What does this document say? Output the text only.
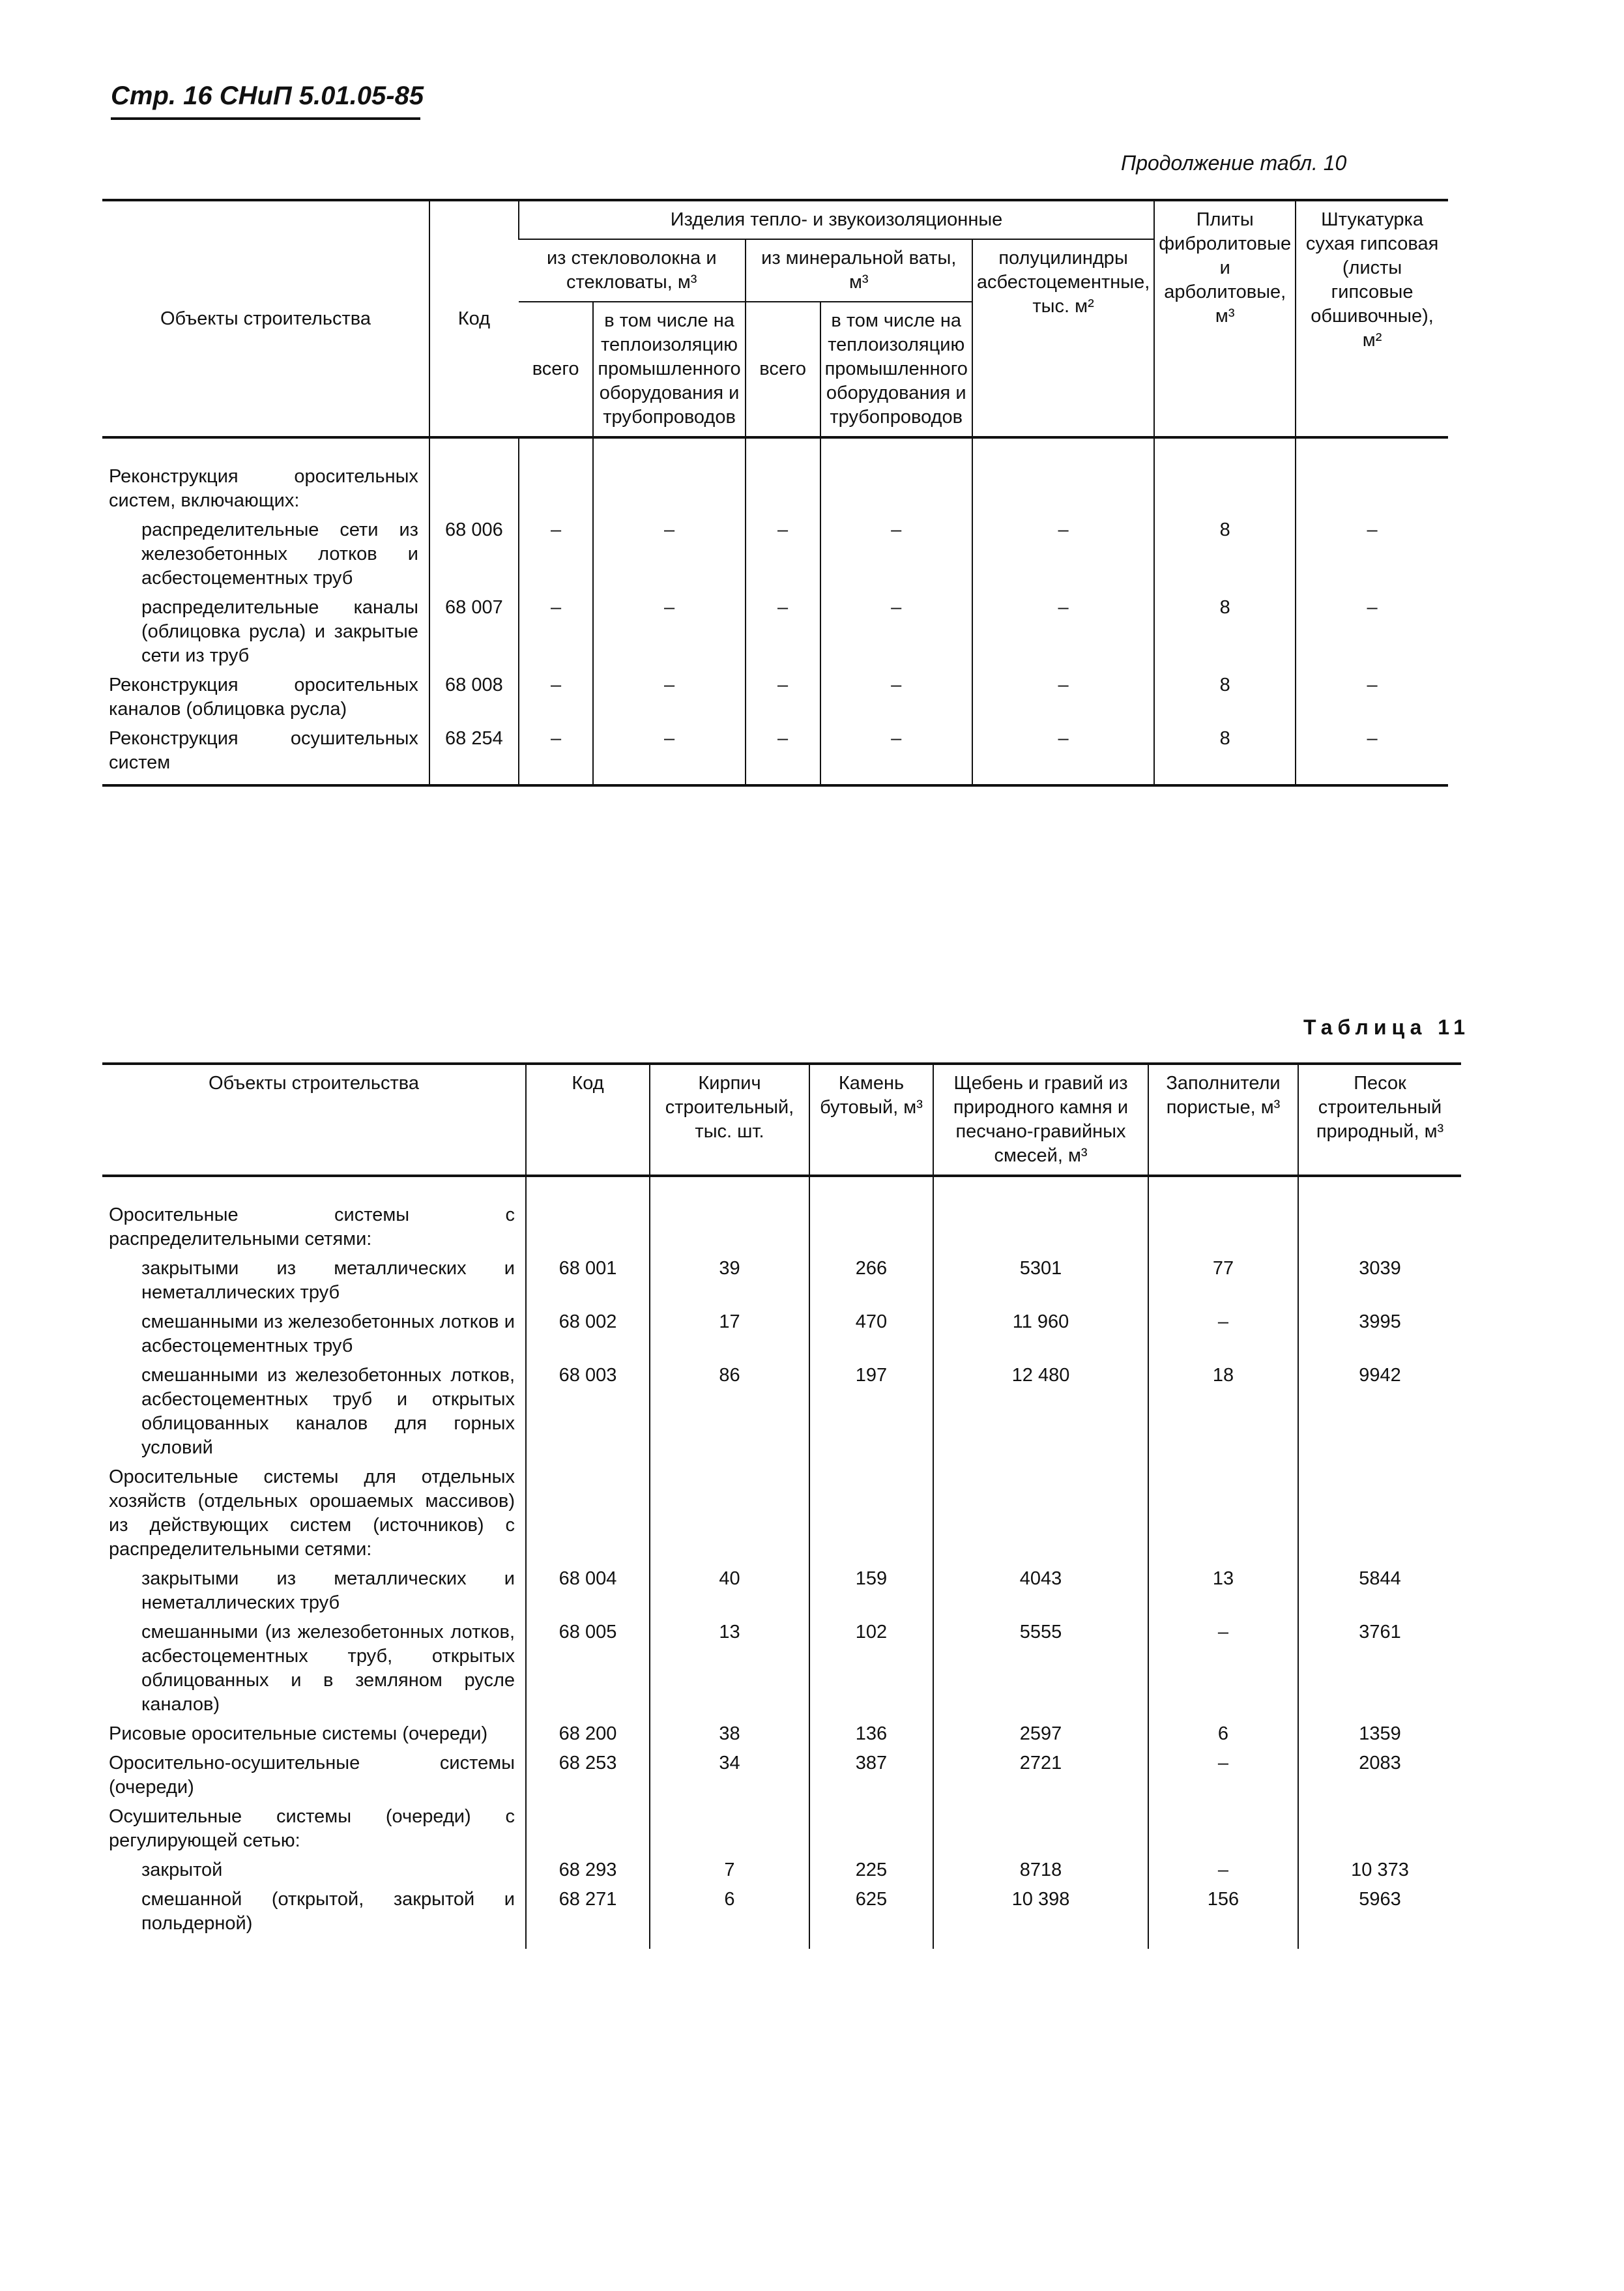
Стр. 16 СНиП 5.01.05-85
Продолжение табл. 10
Объекты строительства	Код	Изделия тепло- и звукоизоляционные					Плиты фибролитовые и арболитовые, м³	Штукатурка сухая гипсовая (листы гипсовые обшивочные), м²
		из стекловолокна и стекловаты, м³		из минеральной ваты, м³		полуцилиндры асбестоцементные, тыс. м²		
		всего	в том числе на теплоизоляцию промышленного оборудования и трубопроводов	всего	в том числе на теплоизоляцию промышленного оборудования и трубопроводов			
Реконструкция оросительных систем, включающих:								
распределительные сети из железобетонных лотков и асбестоцементных труб	68 006	–	–	–	–	–	8	–
распределительные каналы (облицовка русла) и закрытые сети из труб	68 007	–	–	–	–	–	8	–
Реконструкция оросительных каналов (облицовка русла)	68 008	–	–	–	–	–	8	–
Реконструкция осушительных систем	68 254	–	–	–	–	–	8	–
Таблица 11
Объекты строительства	Код	Кирпич строительный, тыс. шт.	Камень бутовый, м³	Щебень и гравий из природного камня и песчано-гравийных смесей, м³	Заполнители пористые, м³	Песок строительный природный, м³
Оросительные системы с распределительными сетями:						
закрытыми из металлических и неметаллических труб	68 001	39	266	5301	77	3039
смешанными из железобетонных лотков и асбестоцементных труб	68 002	17	470	11 960	–	3995
смешанными из железобетонных лотков, асбестоцементных труб и открытых облицованных каналов для горных условий	68 003	86	197	12 480	18	9942
Оросительные системы для отдельных хозяйств (отдельных орошаемых массивов) из действующих систем (источников) с распределительными сетями:						
закрытыми из металлических и неметаллических труб	68 004	40	159	4043	13	5844
смешанными (из железобетонных лотков, асбестоцементных труб, открытых облицованных и в земляном русле каналов)	68 005	13	102	5555	–	3761
Рисовые оросительные системы (очереди)	68 200	38	136	2597	6	1359
Оросительно-осушительные системы (очереди)	68 253	34	387	2721	–	2083
Осушительные системы (очереди) с регулирующей сетью:						
закрытой	68 293	7	225	8718	–	10 373
смешанной (открытой, закрытой и польдерной)	68 271	6	625	10 398	156	5963
